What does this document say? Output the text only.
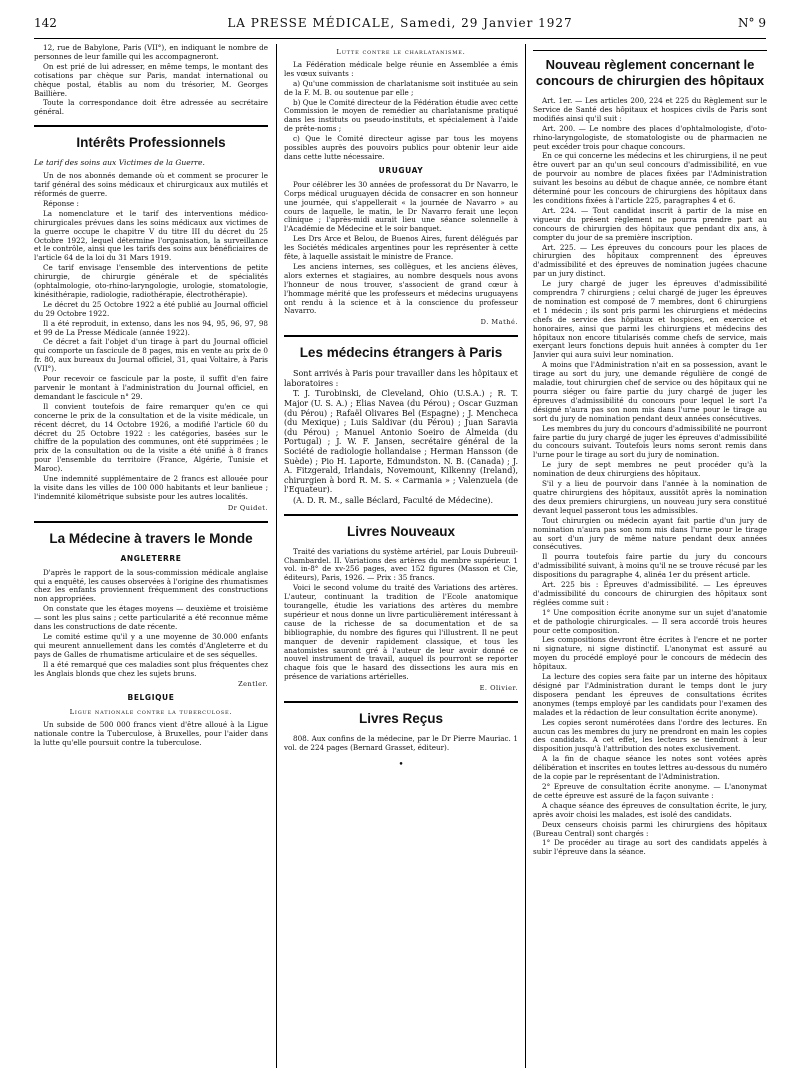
142	LA PRESSE MÉDICALE, Samedi, 29 Janvier 1927	N° 9

12, rue de Babylone, Paris (VII°), en indiquant le nombre de personnes de leur famille qui les accompagneront.

On est prié de lui adresser, en même temps, le montant des cotisations par chèque sur Paris, mandat international ou chèque postal, établis au nom du trésorier, M. Georges Baillière.

Toute la correspondance doit être adressée au secrétaire général.

Intérêts Professionnels

Le tarif des soins aux Victimes de la Guerre.

Un de nos abonnés demande où et comment se procurer le tarif général des soins médicaux et chirurgicaux aux mutilés et réformés de guerre.

Réponse :

La nomenclature et le tarif des interventions médico-chirurgicales prévues dans les soins médicaux aux victimes de la guerre occupe le chapitre V du titre III du décret du 25 Octobre 1922, lequel détermine l'organisation, la surveillance et le contrôle, ainsi que les tarifs des soins aux bénéficiaires de l'article 64 de la loi du 31 Mars 1919.

Ce tarif envisage l'ensemble des interventions de petite chirurgie, de chirurgie générale et de spécialités (ophtalmologie, oto-rhino-laryngologie, urologie, stomatologie, kinésithérapie, radiologie, radiothérapie, électrothérapie).

Le décret du 25 Octobre 1922 a été publié au Journal officiel du 29 Octobre 1922.

Il a été reproduit, in extenso, dans les nos 94, 95, 96, 97, 98 et 99 de La Presse Médicale (année 1922).

Ce décret a fait l'objet d'un tirage à part du Journal officiel qui comporte un fascicule de 8 pages, mis en vente au prix de 0 fr. 80, aux bureaux du Journal officiel, 31, quai Voltaire, à Paris (VII°).

Pour recevoir ce fascicule par la poste, il suffit d'en faire parvenir le montant à l'administration du Journal officiel, en demandant le fascicule n° 29.

Il convient toutefois de faire remarquer qu'en ce qui concerne le prix de la consultation et de la visite médicale, un récent décret, du 14 Octobre 1926, a modifié l'article 60 du décret du 25 Octobre 1922 : les catégories, basées sur le chiffre de la population des communes, ont été supprimées ; le prix de la consultation ou de la visite a été unifié à 8 francs pour l'ensemble du territoire (France, Algérie, Tunisie et Maroc).

Une indemnité supplémentaire de 2 francs est allouée pour la visite dans les villes de 100 000 habitants et leur banlieue ; l'indemnité kilométrique subsiste pour les autres localités.

Dr Quidet.

La Médecine à travers le Monde
ANGLETERRE

D'après le rapport de la sous-commission médicale anglaise qui a enquêté, les causes observées à l'origine des rhumatismes chez les enfants proviennent fréquemment des constructions non appropriées.

On constate que les étages moyens — deuxième et troisième — sont les plus sains ; cette particularité a été reconnue même dans les constructions de date récente.

Le comité estime qu'il y a une moyenne de 30.000 enfants qui meurent annuellement dans les comtés d'Angleterre et du pays de Galles de rhumatisme articulaire et de ses séquelles.

Il a été remarqué que ces maladies sont plus fréquentes chez les Anglais blonds que chez les sujets bruns.

Zentler.

BELGIQUE
Ligue nationale contre la tuberculose.

Un subside de 500 000 francs vient d'être alloué à la Ligue nationale contre la Tuberculose, à Bruxelles, pour l'aider dans la lutte qu'elle poursuit contre la tuberculose.

Lutte contre le charlatanisme.

La Fédération médicale belge réunie en Assemblée a émis les vœux suivants :

a) Qu'une commission de charlatanisme soit instituée au sein de la F. M. B. ou soutenue par elle ;

b) Que le Comité directeur de la Fédération étudie avec cette Commission le moyen de remédier au charlatanisme pratiqué dans les instituts ou pseudo-instituts, et spécialement à l'aide de prête-noms ;

c) Que le Comité directeur agisse par tous les moyens possibles auprès des pouvoirs publics pour obtenir leur aide dans cette lutte nécessaire.

URUGUAY

Pour célébrer les 30 années de professorat du Dr Navarro, le Corps médical uruguayen décida de consacrer en son honneur une journée, qui s'appellerait « la journée de Navarro » au cours de laquelle, le matin, le Dr Navarro ferait une leçon clinique ; l'après-midi aurait lieu une séance solennelle à l'Académie de Médecine et le soir banquet.

Les Drs Arce et Belou, de Buenos Aires, furent délégués par les Sociétés médicales argentines pour les représenter à cette fête, à laquelle assistait le ministre de France.

Les anciens internes, ses collègues, et les anciens élèves, alors externes et stagiaires, au nombre desquels nous avons l'honneur de nous trouver, s'associent de grand cœur à l'hommage mérité que les professeurs et médecins uruguayens ont rendu à la science et à la conscience du professeur Navarro.

D. Mathé.

Les médecins étrangers à Paris

Sont arrivés à Paris pour travailler dans les hôpitaux et laboratoires :

T. J. Turobinski, de Cleveland, Ohio (U.S.A.) ; R. T. Major (U. S. A.) ; Elias Navea (du Pérou) ; Oscar Guzman (du Pérou) ; Rafaël Olivares Bel (Espagne) ; J. Mencheca (du Mexique) ; Luis Saldivar (du Pérou) ; Juan Saravia (du Pérou) ; Manuel Antonio Soeiro de Almeida (du Portugal) ; J. W. F. Jansen, secrétaire général de la Société de radiologie hollandaise ; Herman Hansson (de Suède) ; Pio H. Laporte, Edmundston. N. B. (Canada) ; J. A. Fitzgerald, Irlandais, Novemount, Kilkenny (Ireland), chirurgien à bord R. M. S. « Carmania » ; Valenzuela (de l'Equateur).

(A. D. R. M., salle Béclard, Faculté de Médecine).

Livres Nouveaux

Traité des variations du système artériel, par Louis Dubreuil-Chambardel. II. Variations des artères du membre supérieur. 1 vol. in-8° de xv-256 pages, avec 152 figures (Masson et Cie, éditeurs), Paris, 1926. — Prix : 35 francs.

Voici le second volume du traité des Variations des artères. L'auteur, continuant la tradition de l'Ecole anatomique tourangelle, étudie les variations des artères du membre supérieur et nous donne un livre particulièrement intéressant à cause de la richesse de sa documentation et de sa bibliographie, du nombre des figures qui l'illustrent. Il ne peut manquer de devenir rapidement classique, et tous les anatomistes sauront gré à l'auteur de leur avoir donné ce nouvel instrument de travail, auquel ils pourront se reporter chaque fois que le hasard des dissections les aura mis en présence de variations artérielles.

E. Olivier.

Livres Reçus

808. Aux confins de la médecine, par le Dr Pierre Mauriac. 1 vol. de 224 pages (Bernard Grasset, éditeur).

•
Nouveau règlement concernant le concours de chirurgien des hôpitaux

Art. 1er. — Les articles 200, 224 et 225 du Règlement sur le Service de Santé des hôpitaux et hospices civils de Paris sont modifiés ainsi qu'il suit :

Art. 200. — Le nombre des places d'ophtalmologiste, d'oto-rhino-laryngologiste, de stomatologiste ou de pharmacien ne peut excéder trois pour chaque concours.

En ce qui concerne les médecins et les chirurgiens, il ne peut être ouvert par an qu'un seul concours d'admissibilité, en vue de pourvoir au nombre de places fixées par l'Administration suivant les besoins au début de chaque année, ce nombre étant déterminé pour les concours de chirurgiens des hôpitaux dans les conditions fixées à l'article 225, paragraphes 4 et 6.

Art. 224. — Tout candidat inscrit à partir de la mise en vigueur du présent règlement ne pourra prendre part au concours de chirurgien des hôpitaux que pendant dix ans, à compter du jour de sa première inscription.

Art. 225. — Les épreuves du concours pour les places de chirurgien des hôpitaux comprennent des épreuves d'admissibilité et des épreuves de nomination jugées chacune par un jury distinct.

Le jury chargé de juger les épreuves d'admissibilité comprendra 7 chirurgiens ; celui chargé de juger les épreuves de nomination est composé de 7 membres, dont 6 chirurgiens et 1 médecin ; ils sont pris parmi les chirurgiens et médecins chefs de service des hôpitaux et hospices, en exercice et honoraires, ainsi que parmi les chirurgiens et médecins des hôpitaux non encore titularisés comme chefs de service, mais exerçant leurs fonctions depuis huit années à compter du 1er Janvier qui aura suivi leur nomination.

A moins que l'Administration n'ait en sa possession, avant le tirage au sort du jury, une demande régulière de congé de maladie, tout chirurgien chef de service ou des hôpitaux qui ne pourra siéger ou faire partie du jury chargé de juger les épreuves d'admissibilité du concours pour lequel le sort l'a désigné n'aura pas son nom mis dans l'urne pour le tirage au sort du jury de nomination pendant deux années consécutives.

Les membres du jury du concours d'admissibilité ne pourront faire partie du jury chargé de juger les épreuves d'admissibilité du concours suivant. Toutefois leurs noms seront remis dans l'urne pour le tirage au sort du jury de nomination.

Le jury de sept membres ne peut procéder qu'à la nomination de deux chirurgiens des hôpitaux.

S'il y a lieu de pourvoir dans l'année à la nomination de quatre chirurgiens des hôpitaux, aussitôt après la nomination des deux premiers chirurgiens, un nouveau jury sera constitué devant lequel passeront tous les admissibles.

Tout chirurgien ou médecin ayant fait partie d'un jury de nomination n'aura pas son nom mis dans l'urne pour le tirage au sort d'un jury de même nature pendant deux années consécutives.

Il pourra toutefois faire partie du jury du concours d'admissibilité suivant, à moins qu'il ne se trouve récusé par les dispositions du paragraphe 4, alinéa 1er du présent article.

Art. 225 bis : Épreuves d'admissibilité. — Les épreuves d'admissibilité du concours de chirurgien des hôpitaux sont réglées comme suit :

1° Une composition écrite anonyme sur un sujet d'anatomie et de pathologie chirurgicales. — Il sera accordé trois heures pour cette composition.

Les compositions devront être écrites à l'encre et ne porter ni signature, ni signe distinctif. L'anonymat est assuré au moyen du procédé employé pour le concours de médecin des hôpitaux.

La lecture des copies sera faite par un interne des hôpitaux désigné par l'Administration durant le temps dont le jury disposera pendant les épreuves de consultations écrites anonymes (temps employé par les candidats pour l'examen des malades et la rédaction de leur consultation écrite anonyme).

Les copies seront numérotées dans l'ordre des lectures. En aucun cas les membres du jury ne prendront en main les copies des candidats. A cet effet, les lecteurs se tiendront à leur disposition jusqu'à l'attribution des notes exclusivement.

A la fin de chaque séance les notes sont votées après délibération et inscrites en toutes lettres au-dessous du numéro de la copie par le représentant de l'Administration.

2° Epreuve de consultation écrite anonyme. — L'anonymat de cette épreuve est assuré de la façon suivante :

A chaque séance des épreuves de consultation écrite, le jury, après avoir choisi les malades, est isolé des candidats.

Deux censeurs choisis parmi les chirurgiens des hôpitaux (Bureau Central) sont chargés :

1° De procéder au tirage au sort des candidats appelés à subir l'épreuve dans la séance.
